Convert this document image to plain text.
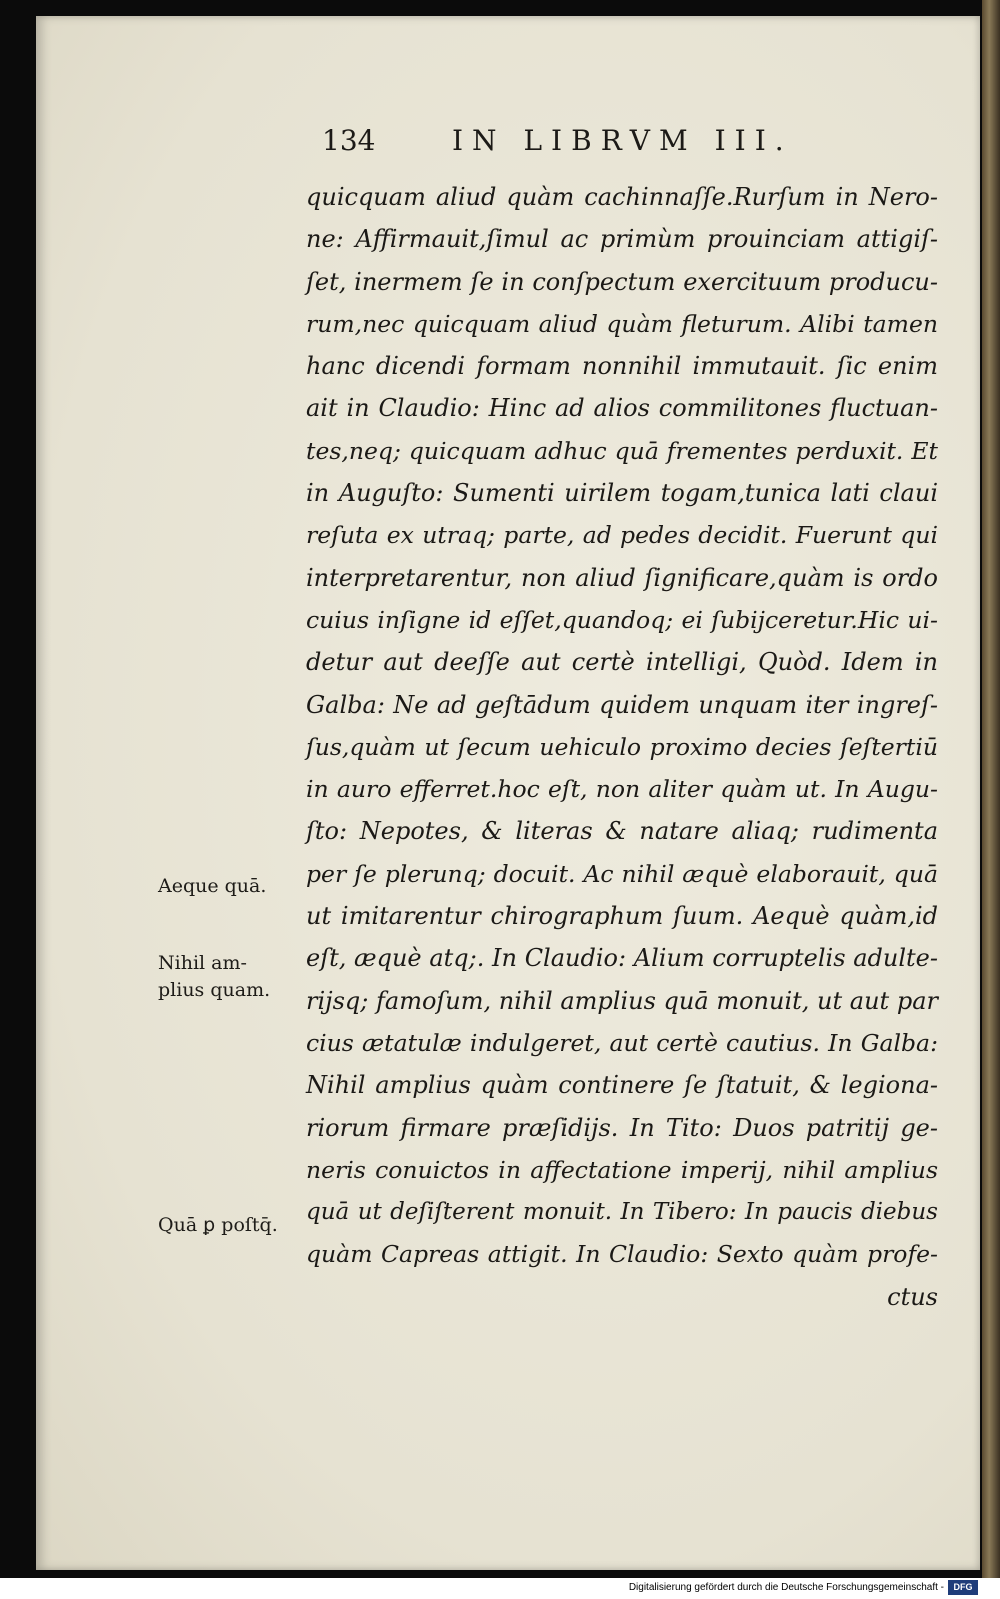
134	IN LIBRVM III.
quicquam aliud quàm cachinnaſſe.Rurſum in Nero-
ne: Affirmauit,ſimul ac primùm prouinciam attigiſ-
ſet, inermem ſe in conſpectum exercituum producu-
rum,nec quicquam aliud quàm fleturum. Alibi tamen
hanc dicendi formam nonnihil immutauit. ſic enim
ait in Claudio: Hinc ad alios commilitones fluctuan-
tes,neq; quicquam adhuc quā frementes perduxit. Et
in Auguſto: Sumenti uirilem togam,tunica lati claui
reſuta ex utraq; parte, ad pedes decidit. Fuerunt qui
interpretarentur, non aliud ſignificare,quàm is ordo
cuius inſigne id eſſet,quandoq; ei ſubijceretur.Hic ui-
detur aut deeſſe aut certè intelligi, Quòd. Idem in
Galba: Ne ad geſtādum quidem unquam iter ingreſ-
ſus,quàm ut ſecum uehiculo proximo decies ſeſtertiū
in auro efferret.hoc eſt, non aliter quàm ut. In Augu-
ſto: Nepotes, & literas & natare aliaq; rudimenta
per ſe plerunq; docuit. Ac nihil æquè elaborauit, quā
ut imitarentur chirographum ſuum. Aequè quàm,id
eſt, æquè atq;. In Claudio: Alium corruptelis adulte-
rijsq; famoſum, nihil amplius quā monuit, ut aut par
cius ætatulæ indulgeret, aut certè cautius. In Galba:
Nihil amplius quàm continere ſe ſtatuit, & legiona-
riorum firmare præſidijs. In Tito: Duos patritij ge-
neris conuictos in affectatione imperij, nihil amplius
quā ut deſiſterent monuit. In Tibero: In paucis diebus
quàm Capreas attigit. In Claudio: Sexto quàm profe-
ctus
Aeque quā.
Nihil am-
plius quam.
Quā ꝑ poſtq̄.
Digitalisierung gefördert durch die Deutsche Forschungsgemeinschaft -	DFG
